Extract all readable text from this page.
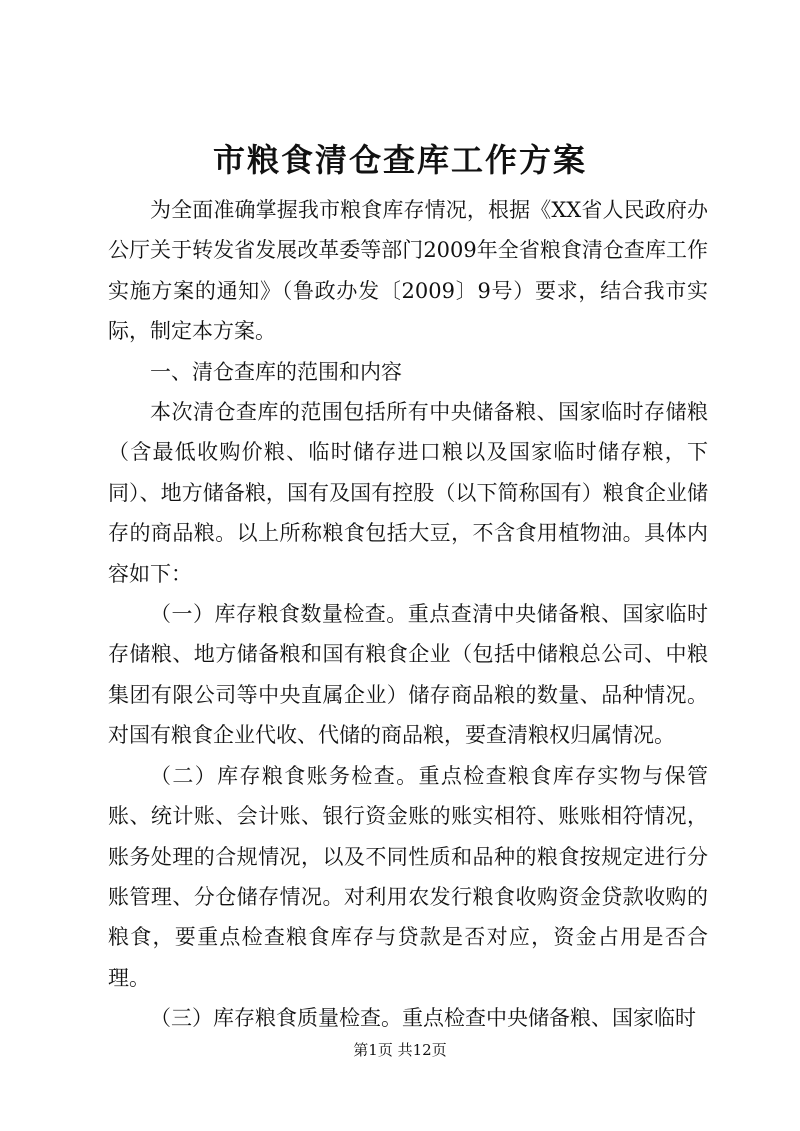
市粮食清仓查库工作方案

为全面准确掌握我市粮食库存情况，根据《XX省人民政府办公厅关于转发省发展改革委等部门2009年全省粮食清仓查库工作实施方案的通知》（鲁政办发〔2009〕9号）要求，结合我市实际，制定本方案。

一、清仓查库的范围和内容

本次清仓查库的范围包括所有中央储备粮、国家临时存储粮（含最低收购价粮、临时储存进口粮以及国家临时储存粮，下同）、地方储备粮，国有及国有控股（以下简称国有）粮食企业储存的商品粮。以上所称粮食包括大豆，不含食用植物油。具体内容如下：

（一）库存粮食数量检查。重点查清中央储备粮、国家临时存储粮、地方储备粮和国有粮食企业（包括中储粮总公司、中粮集团有限公司等中央直属企业）储存商品粮的数量、品种情况。对国有粮食企业代收、代储的商品粮，要查清粮权归属情况。

（二）库存粮食账务检查。重点检查粮食库存实物与保管账、统计账、会计账、银行资金账的账实相符、账账相符情况，账务处理的合规情况，以及不同性质和品种的粮食按规定进行分账管理、分仓储存情况。对利用农发行粮食收购资金贷款收购的粮食，要重点检查粮食库存与贷款是否对应，资金占用是否合理。

（三）库存粮食质量检查。重点检查中央储备粮、国家临时

第1页 共12页
